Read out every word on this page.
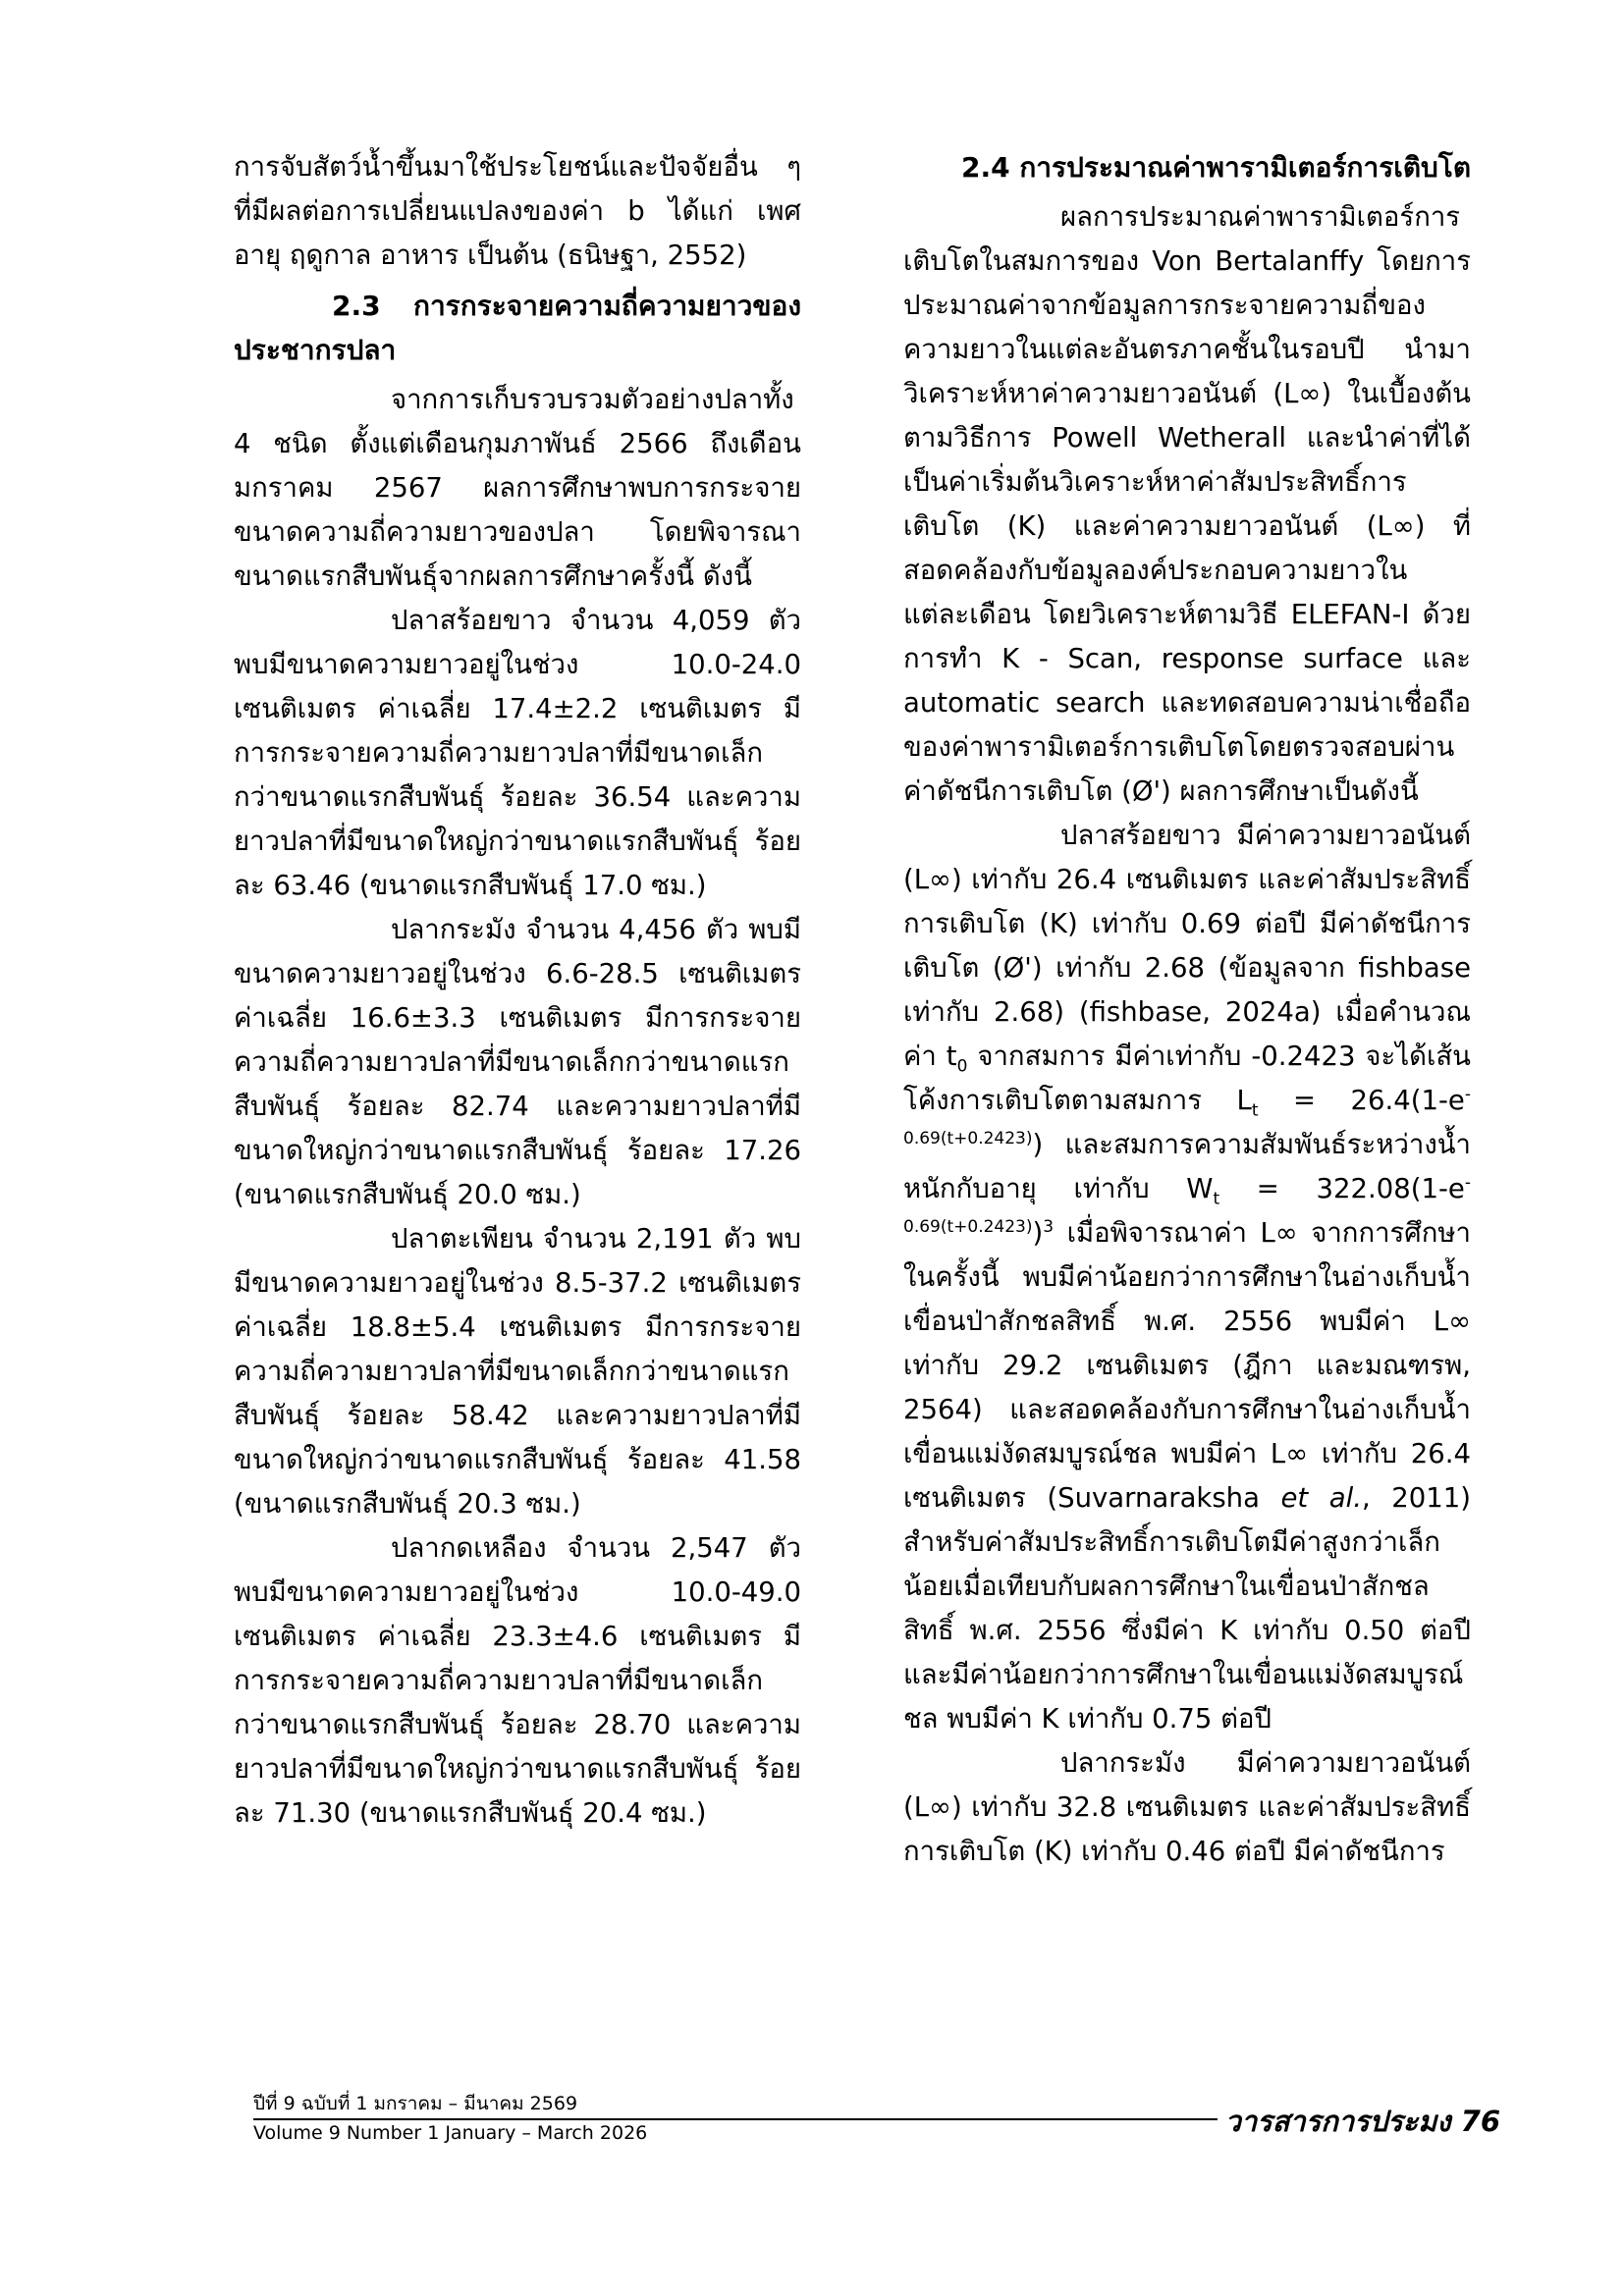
การจับสัตว์น้ำขึ้นมาใช้ประโยชน์และปัจจัยอื่น ๆ ที่มีผลต่อการเปลี่ยนแปลงของค่า b ได้แก่ เพศ อายุ ฤดูกาล อาหาร เป็นต้น (ธนิษฐา, 2552)

2.3 การกระจายความถี่ความยาวของประชากรปลา

จากการเก็บรวบรวมตัวอย่างปลาทั้ง 4 ชนิด ตั้งแต่เดือนกุมภาพันธ์ 2566 ถึงเดือนมกราคม 2567 ผลการศึกษาพบการกระจายขนาดความถี่ความยาวของปลา โดยพิจารณาขนาดแรกสืบพันธุ์จากผลการศึกษาครั้งนี้ ดังนี้

ปลาสร้อยขาว จำนวน 4,059 ตัว พบมีขนาดความยาวอยู่ในช่วง 10.0-24.0 เซนติเมตร ค่าเฉลี่ย 17.4±2.2 เซนติเมตร มีการกระจายความถี่ความยาวปลาที่มีขนาดเล็กกว่าขนาดแรกสืบพันธุ์ ร้อยละ 36.54 และความยาวปลาที่มีขนาดใหญ่กว่าขนาดแรกสืบพันธุ์ ร้อยละ 63.46 (ขนาดแรกสืบพันธุ์ 17.0 ซม.)

ปลากระมัง จำนวน 4,456 ตัว พบมีขนาดความยาวอยู่ในช่วง 6.6-28.5 เซนติเมตร ค่าเฉลี่ย 16.6±3.3 เซนติเมตร มีการกระจายความถี่ความยาวปลาที่มีขนาดเล็กกว่าขนาดแรกสืบพันธุ์ ร้อยละ 82.74 และความยาวปลาที่มีขนาดใหญ่กว่าขนาดแรกสืบพันธุ์ ร้อยละ 17.26 (ขนาดแรกสืบพันธุ์ 20.0 ซม.)

ปลาตะเพียน จำนวน 2,191 ตัว พบมีขนาดความยาวอยู่ในช่วง 8.5-37.2 เซนติเมตร ค่าเฉลี่ย 18.8±5.4 เซนติเมตร มีการกระจายความถี่ความยาวปลาที่มีขนาดเล็กกว่าขนาดแรกสืบพันธุ์ ร้อยละ 58.42 และความยาวปลาที่มีขนาดใหญ่กว่าขนาดแรกสืบพันธุ์ ร้อยละ 41.58 (ขนาดแรกสืบพันธุ์ 20.3 ซม.)

ปลากดเหลือง จำนวน 2,547 ตัว พบมีขนาดความยาวอยู่ในช่วง 10.0-49.0 เซนติเมตร ค่าเฉลี่ย 23.3±4.6 เซนติเมตร มีการกระจายความถี่ความยาวปลาที่มีขนาดเล็กกว่าขนาดแรกสืบพันธุ์ ร้อยละ 28.70 และความยาวปลาที่มีขนาดใหญ่กว่าขนาดแรกสืบพันธุ์ ร้อยละ 71.30 (ขนาดแรกสืบพันธุ์ 20.4 ซม.)

2.4 การประมาณค่าพารามิเตอร์การเติบโต

ผลการประมาณค่าพารามิเตอร์การเติบโตในสมการของ Von Bertalanffy โดยการประมาณค่าจากข้อมูลการกระจายความถี่ของความยาวในแต่ละอันตรภาคชั้นในรอบปี นำมาวิเคราะห์หาค่าความยาวอนันต์ (L∞) ในเบื้องต้นตามวิธีการ Powell Wetherall และนำค่าที่ได้เป็นค่าเริ่มต้นวิเคราะห์หาค่าสัมประสิทธิ์การเติบโต (K) และค่าความยาวอนันต์ (L∞) ที่สอดคล้องกับข้อมูลองค์ประกอบความยาวในแต่ละเดือน โดยวิเคราะห์ตามวิธี ELEFAN-I ด้วยการทำ K - Scan, response surface และ automatic search และทดสอบความน่าเชื่อถือของค่าพารามิเตอร์การเติบโตโดยตรวจสอบผ่านค่าดัชนีการเติบโต (Ø') ผลการศึกษาเป็นดังนี้

ปลาสร้อยขาว มีค่าความยาวอนันต์ (L∞) เท่ากับ 26.4 เซนติเมตร และค่าสัมประสิทธิ์การเติบโต (K) เท่ากับ 0.69 ต่อปี มีค่าดัชนีการเติบโต (Ø') เท่ากับ 2.68 (ข้อมูลจาก fishbase เท่ากับ 2.68) (fishbase, 2024a) เมื่อคำนวณค่า $t_0$ จากสมการ มีค่าเท่ากับ -0.2423 จะได้เส้นโค้งการเติบโตตามสมการ $L_t = 26.4(1-e^{-0.69(t+0.2423)})$ และสมการความสัมพันธ์ระหว่างน้ำหนักกับอายุ เท่ากับ $W_t = 322.08(1-e^{-0.69(t+0.2423)})^3$ เมื่อพิจารณาค่า L∞ จากการศึกษาในครั้งนี้ พบมีค่าน้อยกว่าการศึกษาในอ่างเก็บน้ำเขื่อนป่าสักชลสิทธิ์ พ.ศ. 2556 พบมีค่า L∞ เท่ากับ 29.2 เซนติเมตร (ฎีกา และมณฑรพ, 2564) และสอดคล้องกับการศึกษาในอ่างเก็บน้ำเขื่อนแม่งัดสมบูรณ์ชล พบมีค่า L∞ เท่ากับ 26.4 เซนติเมตร (Suvarnaraksha et al., 2011) สำหรับค่าสัมประสิทธิ์การเติบโตมีค่าสูงกว่าเล็กน้อยเมื่อเทียบกับผลการศึกษาในเขื่อนป่าสักชลสิทธิ์ พ.ศ. 2556 ซึ่งมีค่า K เท่ากับ 0.50 ต่อปี และมีค่าน้อยกว่าการศึกษาในเขื่อนแม่งัดสมบูรณ์ชล พบมีค่า K เท่ากับ 0.75 ต่อปี

ปลากระมัง มีค่าความยาวอนันต์ (L∞) เท่ากับ 32.8 เซนติเมตร และค่าสัมประสิทธิ์การเติบโต (K) เท่ากับ 0.46 ต่อปี มีค่าดัชนีการ

ปีที่ 9 ฉบับที่ 1 มกราคม – มีนาคม 2569
Volume 9 Number 1 January – March 2026	วารสารการประมง 76
